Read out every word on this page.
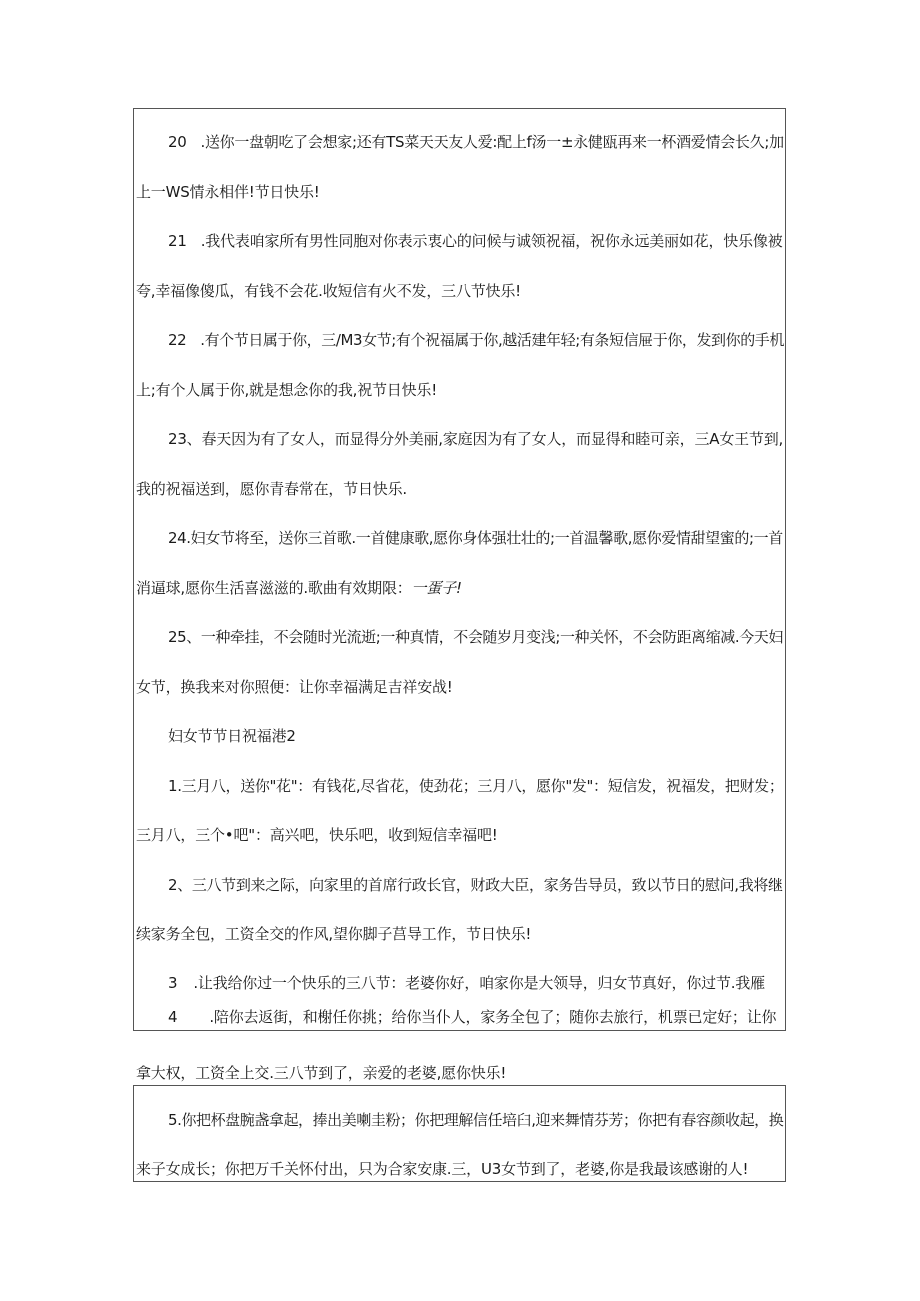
20 .送你一盘朝吃了会想家;还有TS菜天天友人爱:配上f汤一±永健瓯再来一杯酒爱情会长久;加
上一WS情永相伴!节日快乐!
21 .我代表咱家所有男性同胞对你表示衷心的问候与诚领祝福，祝你永远美丽如花，快乐像被
夸,幸福像傻瓜，有钱不会花.收短信有火不发，三八节快乐!
22 .有个节日属于你，三/M3女节;有个祝福属于你,越活建年轻;有条短信屉于你，发到你的手机
上;有个人属于你,就是想念你的我,祝节日快乐!
23、春天因为有了女人，而显得分外美丽,家庭因为有了女人，而显得和睦可亲，三A女王节到,
我的祝福送到，愿你青春常在，节日快乐.
24.妇女节将至，送你三首歌.一首健康歌,愿你身体强壮壮的;一首温馨歌,愿你爱情甜望蜜的;一首
消逼球,愿你生活喜滋滋的.歌曲有效期限：一蛋子!
25、一种牵挂，不会随时光流逝;一种真情，不会随岁月变浅;一种关怀，不会防距离缩减.今天妇
女节，换我来对你照便：让你幸福满足吉祥安战!
妇女节节日祝福港2
1.三月八，送你"花"：有钱花,尽省花，使劲花；三月八，愿你"发"：短信发，祝福发，把财发；
三月八，三个•吧"：高兴吧，快乐吧，收到短信幸福吧!
2、三八节到来之际，向家里的首席行政长官，财政大臣，家务告导员，致以节日的慰问,我将继
续家务全包，工资全交的作风,望你脚子莒导工作，节日快乐!
3 .让我给你过一个快乐的三八节：老婆你好，咱家你是大领导，归女节真好，你过节.我雁
4 .陪你去返街，和榭任你挑；给你当仆人，家务全包了；随你去旅行，机票已定好；让你
拿大权，工资全上交.三八节到了，亲爱的老婆,愿你快乐!
5.你把杯盘腕盏拿起，捧出美喇圭粉；你把理解信任培臼,迎来舞情芬芳；你把有春容颜收起，换
来子女成长；你把万千关怀付出，只为合家安康.三，U3女节到了，老婆,你是我最该感谢的人!
